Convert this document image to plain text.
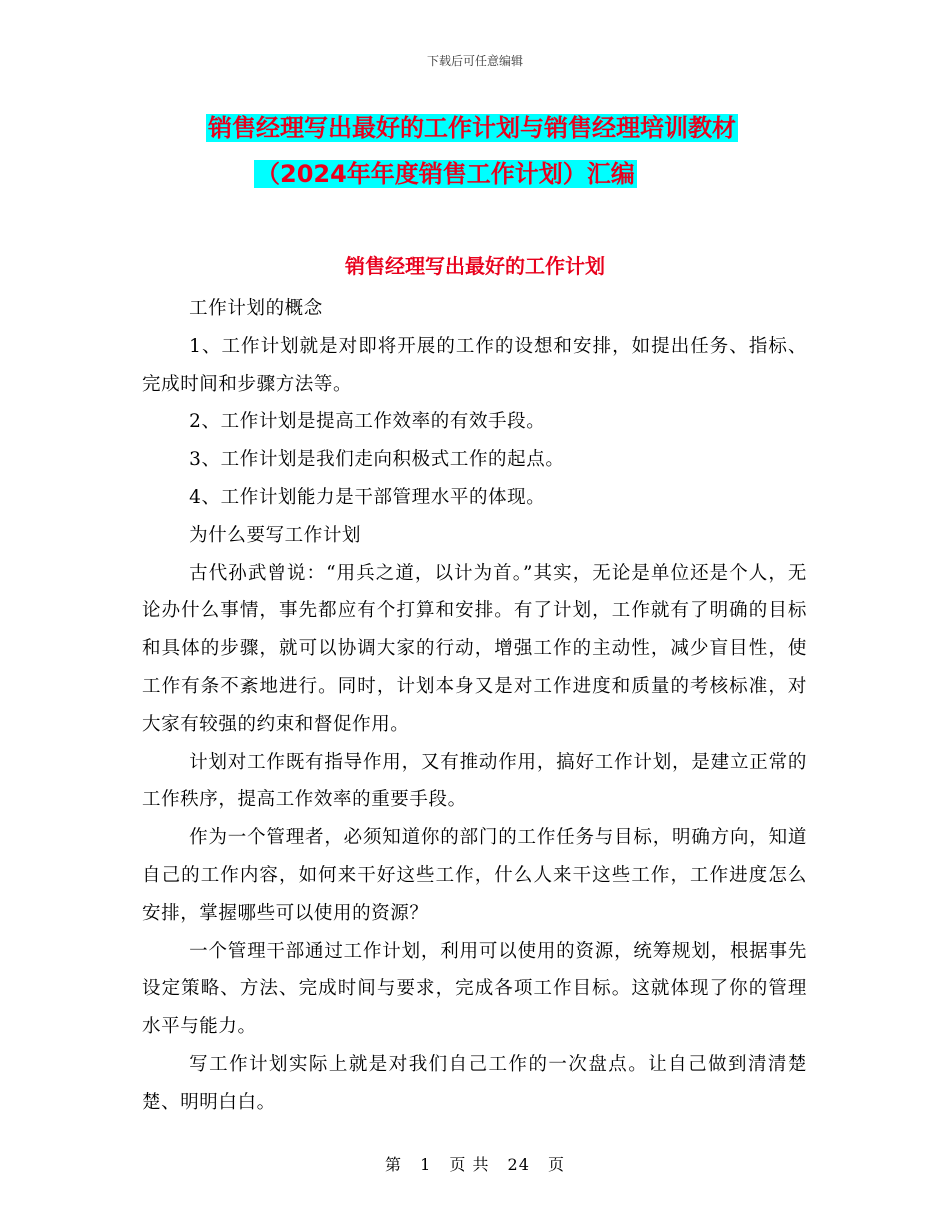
下载后可任意编辑
销售经理写出最好的工作计划与销售经理培训教材
（2024年年度销售工作计划）汇编
销售经理写出最好的工作计划

工作计划的概念

1、工作计划就是对即将开展的工作的设想和安排，如提出任务、指标、完成时间和步骤方法等。

2、工作计划是提高工作效率的有效手段。

3、工作计划是我们走向积极式工作的起点。

4、工作计划能力是干部管理水平的体现。

为什么要写工作计划

古代孙武曾说：“用兵之道，以计为首。”其实，无论是单位还是个人，无论办什么事情，事先都应有个打算和安排。有了计划，工作就有了明确的目标和具体的步骤，就可以协调大家的行动，增强工作的主动性，减少盲目性，使工作有条不紊地进行。同时，计划本身又是对工作进度和质量的考核标准，对大家有较强的约束和督促作用。

计划对工作既有指导作用，又有推动作用，搞好工作计划，是建立正常的工作秩序，提高工作效率的重要手段。

作为一个管理者，必须知道你的部门的工作任务与目标，明确方向，知道自己的工作内容，如何来干好这些工作，什么人来干这些工作，工作进度怎么安排，掌握哪些可以使用的资源？

一个管理干部通过工作计划，利用可以使用的资源，统筹规划，根据事先设定策略、方法、完成时间与要求，完成各项工作目标。这就体现了你的管理水平与能力。

写工作计划实际上就是对我们自己工作的一次盘点。让自己做到清清楚楚、明明白白。

第 1 页 共 24 页
